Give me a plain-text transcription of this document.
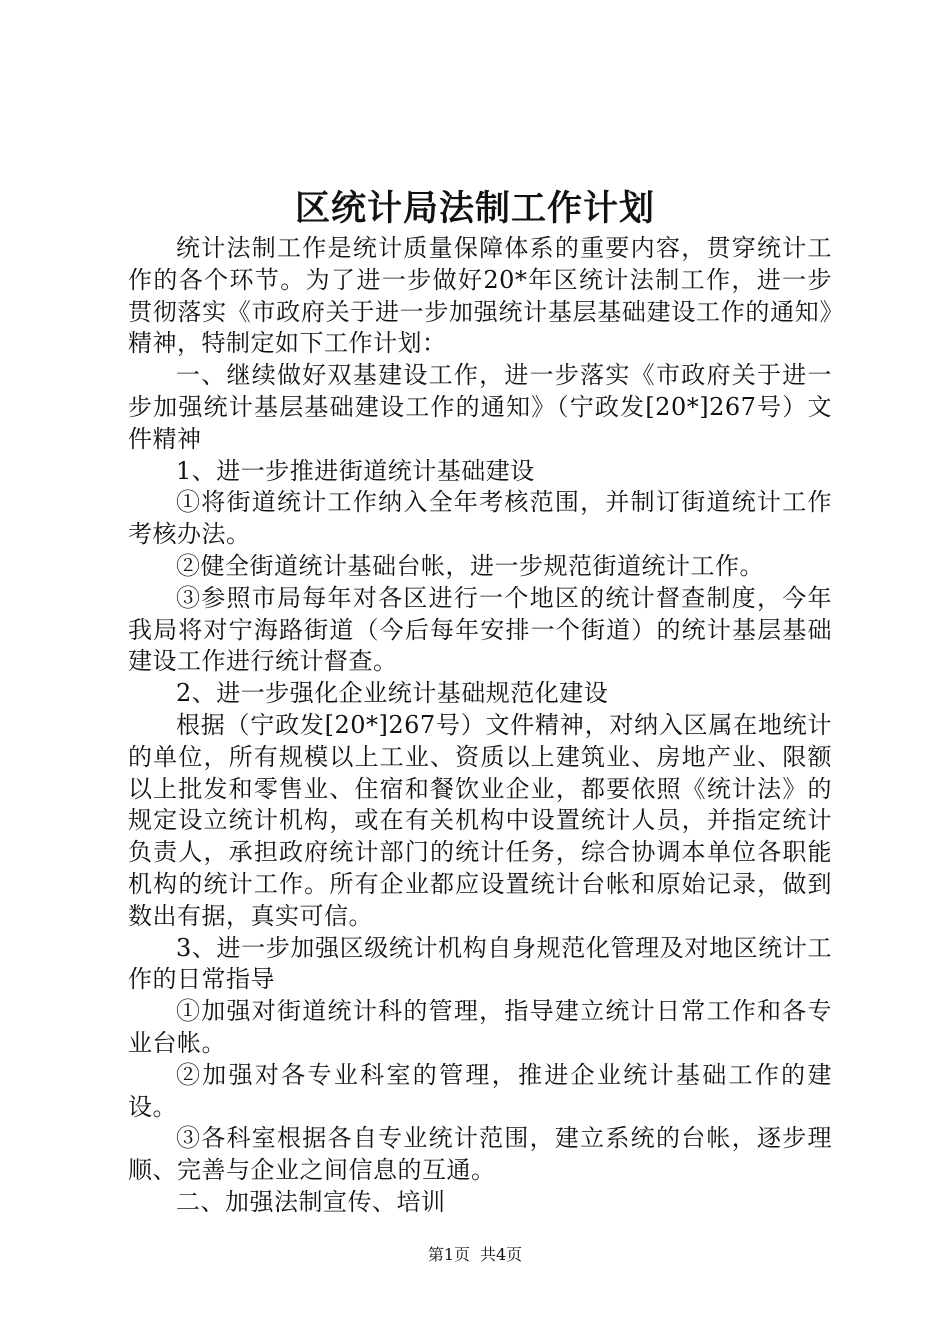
区统计局法制工作计划

统计法制工作是统计质量保障体系的重要内容，贯穿统计工作的各个环节。为了进一步做好20*年区统计法制工作，进一步贯彻落实《市政府关于进一步加强统计基层基础建设工作的通知》精神，特制定如下工作计划：

一、继续做好双基建设工作，进一步落实《市政府关于进一步加强统计基层基础建设工作的通知》（宁政发[20*]267号）文件精神

1、进一步推进街道统计基础建设

①将街道统计工作纳入全年考核范围，并制订街道统计工作考核办法。

②健全街道统计基础台帐，进一步规范街道统计工作。

③参照市局每年对各区进行一个地区的统计督查制度，今年我局将对宁海路街道（今后每年安排一个街道）的统计基层基础建设工作进行统计督查。

2、进一步强化企业统计基础规范化建设

根据（宁政发[20*]267号）文件精神，对纳入区属在地统计的单位，所有规模以上工业、资质以上建筑业、房地产业、限额以上批发和零售业、住宿和餐饮业企业，都要依照《统计法》的规定设立统计机构，或在有关机构中设置统计人员，并指定统计负责人，承担政府统计部门的统计任务，综合协调本单位各职能机构的统计工作。所有企业都应设置统计台帐和原始记录，做到数出有据，真实可信。

3、进一步加强区级统计机构自身规范化管理及对地区统计工作的日常指导

①加强对街道统计科的管理，指导建立统计日常工作和各专业台帐。

②加强对各专业科室的管理，推进企业统计基础工作的建设。

③各科室根据各自专业统计范围，建立系统的台帐，逐步理顺、完善与企业之间信息的互通。

二、加强法制宣传、培训

第1页 共4页
